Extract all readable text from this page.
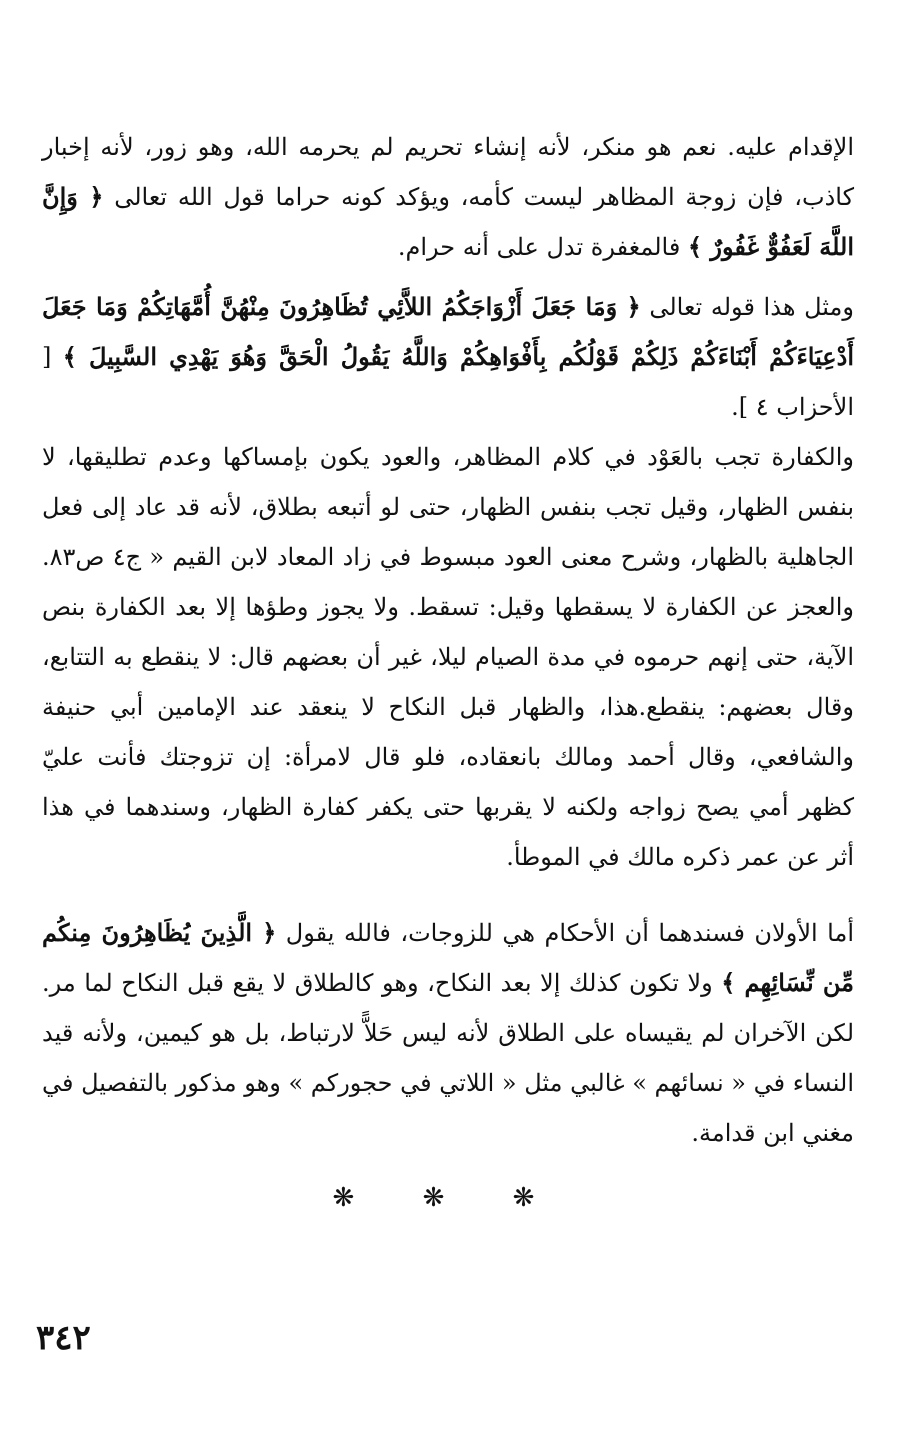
الإقدام عليه. نعم هو منكر، لأنه إنشاء تحريم لم يحرمه الله، وهو زور، لأنه إخبار كاذب، فإن زوجة المظاهر ليست كأمه، ويؤكد كونه حراما قول الله تعالى ﴿ وَإِنَّ اللَّهَ لَعَفُوٌّ غَفُورٌ ﴾ فالمغفرة تدل على أنه حرام.
ومثل هذا قوله تعالى ﴿ وَمَا جَعَلَ أَزْوَاجَكُمُ اللاَّئِي تُظَاهِرُونَ مِنْهُنَّ أُمَّهَاتِكُمْ وَمَا جَعَلَ أَدْعِيَاءَكُمْ أَبْنَاءَكُمْ ذَلِكُمْ قَوْلُكُم بِأَفْوَاهِكُمْ وَاللَّهُ يَقُولُ الْحَقَّ وَهُوَ يَهْدِي السَّبِيلَ ﴾ [ الأحزاب ٤ ].
والكفارة تجب بالعَوْد في كلام المظاهر، والعود يكون بإمساكها وعدم تطليقها، لا بنفس الظهار، وقيل تجب بنفس الظهار، حتى لو أتبعه بطلاق، لأنه قد عاد إلى فعل الجاهلية بالظهار، وشرح معنى العود مبسوط في زاد المعاد لابن القيم « ج٤ ص٨٣. والعجز عن الكفارة لا يسقطها وقيل: تسقط. ولا يجوز وطؤها إلا بعد الكفارة بنص الآية، حتى إنهم حرموه في مدة الصيام ليلا، غير أن بعضهم قال: لا ينقطع به التتابع، وقال بعضهم: ينقطع.هذا، والظهار قبل النكاح لا ينعقد عند الإمامين أبي حنيفة والشافعي، وقال أحمد ومالك بانعقاده، فلو قال لامرأة: إن تزوجتك فأنت عليّ كظهر أمي يصح زواجه ولكنه لا يقربها حتى يكفر كفارة الظهار، وسندهما في هذا أثر عن عمر ذكره مالك في الموطأ.
أما الأولان فسندهما أن الأحكام هي للزوجات، فالله يقول ﴿ الَّذِينَ يُظَاهِرُونَ مِنكُم مِّن نِّسَائِهِم ﴾ ولا تكون كذلك إلا بعد النكاح، وهو كالطلاق لا يقع قبل النكاح لما مر. لكن الآخران لم يقيساه على الطلاق لأنه ليس حَلاًّ لارتباط، بل هو كيمين، ولأنه قيد النساء في « نسائهم » غالبي مثل « اللاتي في حجوركم » وهو مذكور بالتفصيل في مغني ابن قدامة.
❋ ❋ ❋
٣٤٢
